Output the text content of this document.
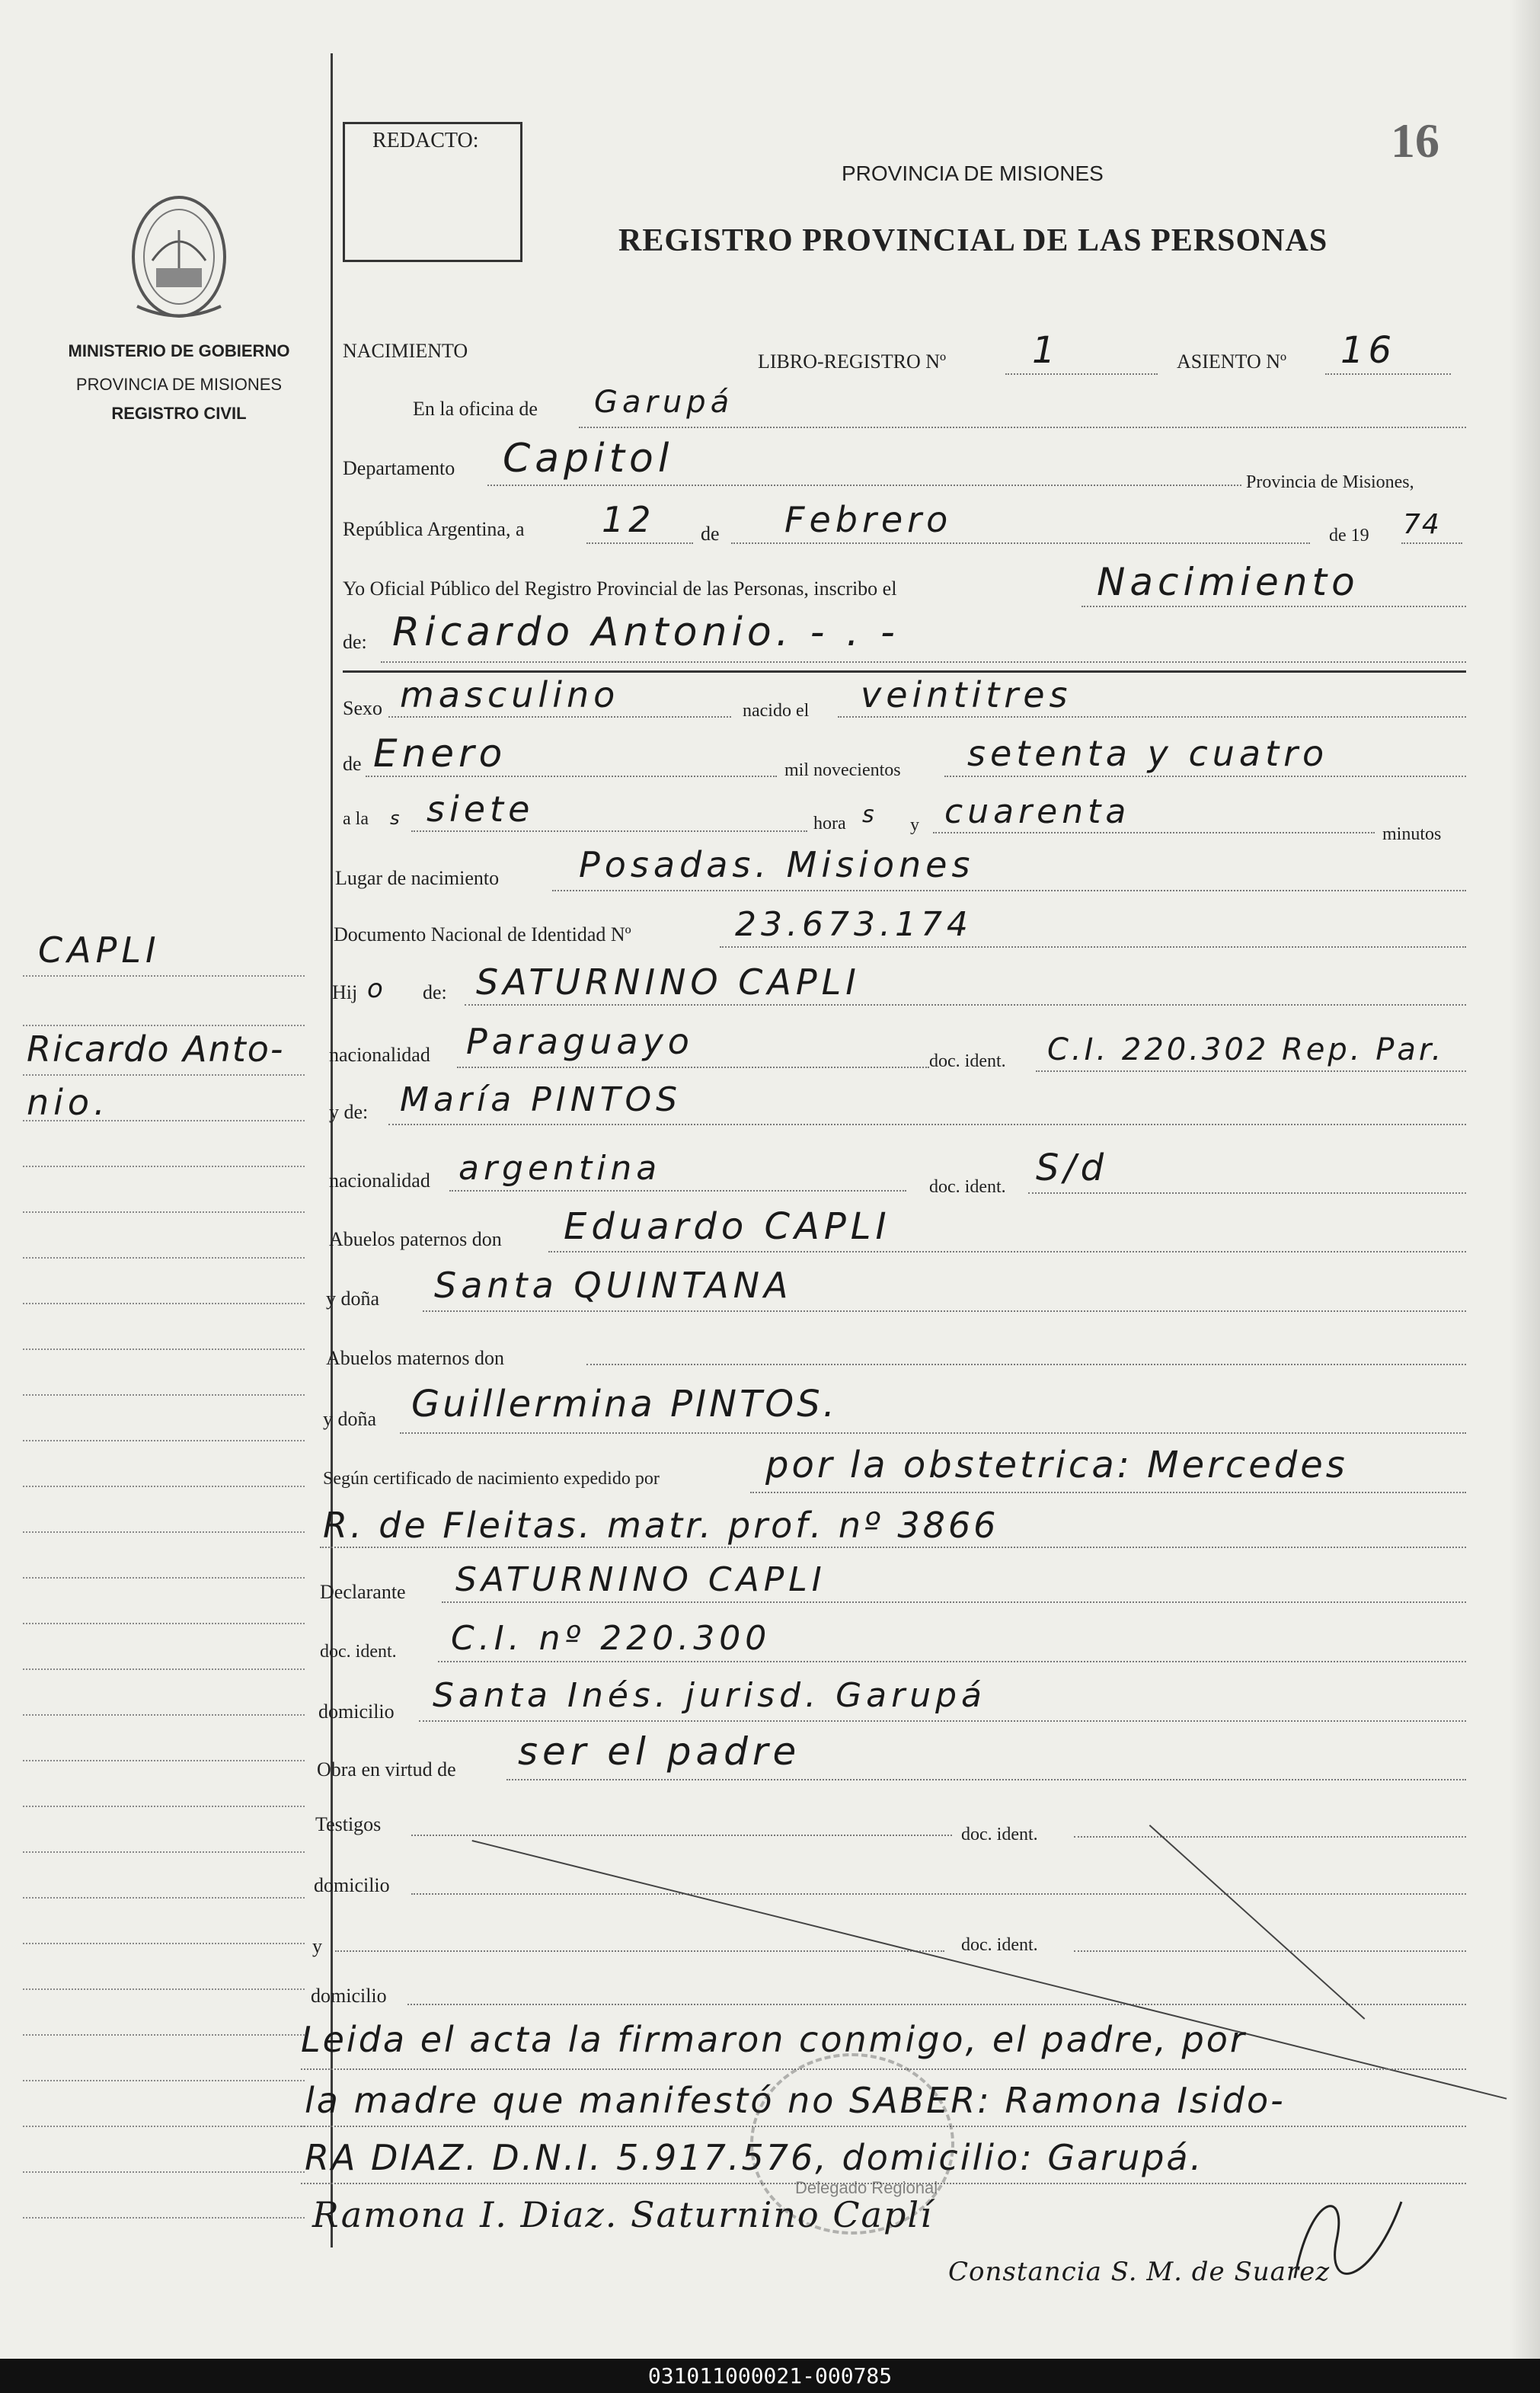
REDACTO:	16
PROVINCIA DE MISIONES
REGISTRO PROVINCIAL DE LAS PERSONAS
MINISTERIO DE GOBIERNO
PROVINCIA DE MISIONES
REGISTRO CIVIL
NACIMIENTO	LIBRO-REGISTRO Nº 1	ASIENTO Nº 16
En la oficina de Garupá
Departamento Capitol
Provincia de Misiones,
República Argentina, a 12 de Febrero	de 19 74
Yo Oficial Público del Registro Provincial de las Personas, inscribo el	Nacimiento
de: Ricardo Antonio. - . -
Sexo masculino	nacido el veintitres
de Enero	mil novecientos setenta y cuatro
a la s siete	hora s y cuarenta
minutos
Lugar de nacimiento Posadas. Misiones
Documento Nacional de Identidad Nº	23.673.174
CAPLI
Ricardo Anto-
nio.
Hij o de: SATURNINO CAPLI
nacionalidad Paraguayo	doc. ident. C.I. 220.302 Rep. Par.
y de: María PINTOS
nacionalidad argentina	doc. ident. S/d
Abuelos paternos don Eduardo CAPLI
y doña Santa QUINTANA
Abuelos maternos don
y doña Guillermina PINTOS.
Según certificado de nacimiento expedido por	por la obstetrica: Mercedes
R. de Fleitas. matr. prof. nº 3866
Declarante SATURNINO CAPLI
doc. ident. C.I. nº 220.300
domicilio Santa Inés. jurisd. Garupá
Obra en virtud de ser el padre
Testigos	doc. ident.
domicilio
y	doc. ident.
domicilio
Leida el acta la firmaron conmigo, el padre, por
la madre que manifestó no SABER: Ramona Isido-
RA DIAZ. D.N.I. 5.917.576, domicilio: Garupá.
Delegado Regional
Ramona I. Diaz. Saturnino Caplí
Constancia S. M. de Suarez
031011000021-000785
